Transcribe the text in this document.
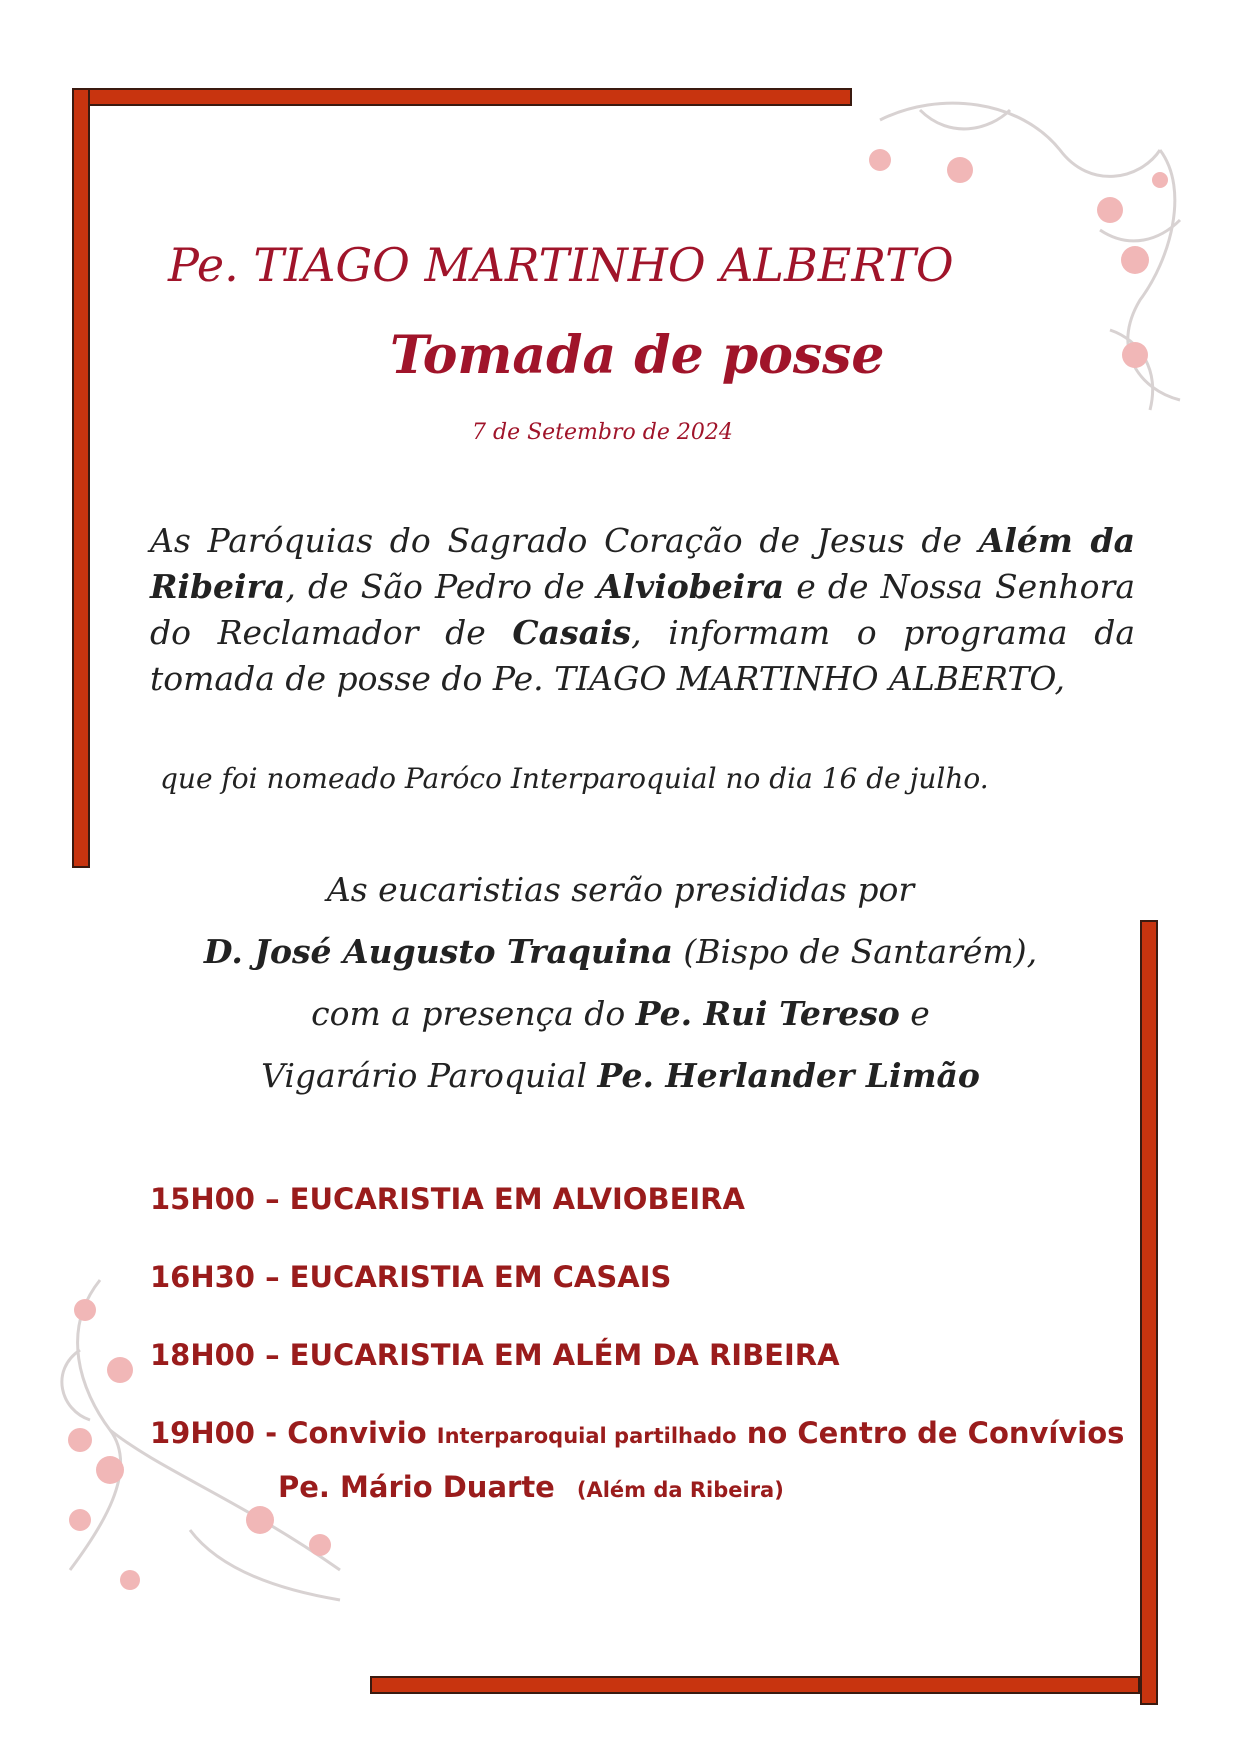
Pe. TIAGO MARTINHO ALBERTO
Tomada de posse
7 de Setembro de 2024

As Paróquias do Sagrado Coração de Jesus de Além da Ribeira, de São Pedro de Alviobeira e de Nossa Senhora do Reclamador de Casais, informam o programa da tomada de posse do Pe. TIAGO MARTINHO ALBERTO,

que foi nomeado Paróco Interparoquial no dia 16 de julho.

As eucaristias serão presididas por

D. José Augusto Traquina (Bispo de Santarém),

com a presença do Pe. Rui Tereso e

Vigarário Paroquial Pe. Herlander Limão

15H00 – EUCARISTIA EM ALVIOBEIRA

16H30 – EUCARISTIA EM CASAIS

18H00 – EUCARISTIA EM ALÉM DA RIBEIRA

19H00 - Convivio Interparoquial partilhado no Centro de Convívios

Pe. Mário Duarte (Além da Ribeira)
